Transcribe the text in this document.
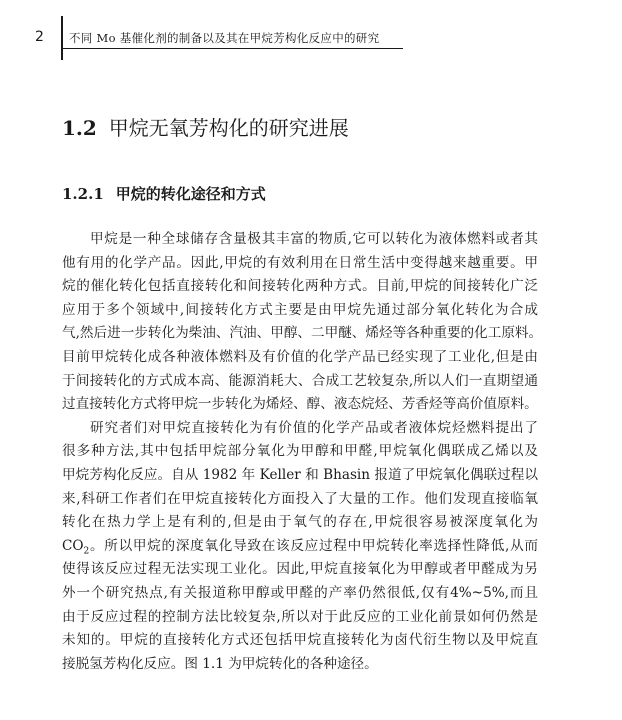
2 不同 Mo 基催化剂的制备以及其在甲烷芳构化反应中的研究
1.2 甲烷无氧芳构化的研究进展
1.2.1 甲烷的转化途径和方式
甲烷是一种全球储存含量极其丰富的物质,它可以转化为液体燃料或者其
他有用的化学产品。因此,甲烷的有效利用在日常生活中变得越来越重要。甲
烷的催化转化包括直接转化和间接转化两种方式。目前,甲烷的间接转化广泛
应用于多个领域中,间接转化方式主要是由甲烷先通过部分氧化转化为合成
气,然后进一步转化为柴油、汽油、甲醇、二甲醚、烯烃等各种重要的化工原料。
目前甲烷转化成各种液体燃料及有价值的化学产品已经实现了工业化,但是由
于间接转化的方式成本高、能源消耗大、合成工艺较复杂,所以人们一直期望通
过直接转化方式将甲烷一步转化为烯烃、醇、液态烷烃、芳香烃等高价值原料。
研究者们对甲烷直接转化为有价值的化学产品或者液体烷烃燃料提出了
很多种方法,其中包括甲烷部分氧化为甲醇和甲醛,甲烷氧化偶联成乙烯以及
甲烷芳构化反应。自从 1982 年 Keller 和 Bhasin 报道了甲烷氧化偶联过程以
来,科研工作者们在甲烷直接转化方面投入了大量的工作。他们发现直接临氧
转化在热力学上是有利的,但是由于氧气的存在,甲烷很容易被深度氧化为
$CO_2$。所以甲烷的深度氧化导致在该反应过程中甲烷转化率选择性降低,从而
使得该反应过程无法实现工业化。因此,甲烷直接氧化为甲醇或者甲醛成为另
外一个研究热点,有关报道称甲醇或甲醛的产率仍然很低,仅有4%~5%,而且
由于反应过程的控制方法比较复杂,所以对于此反应的工业化前景如何仍然是
未知的。甲烷的直接转化方式还包括甲烷直接转化为卤代衍生物以及甲烷直
接脱氢芳构化反应。图 1.1 为甲烷转化的各种途径。
